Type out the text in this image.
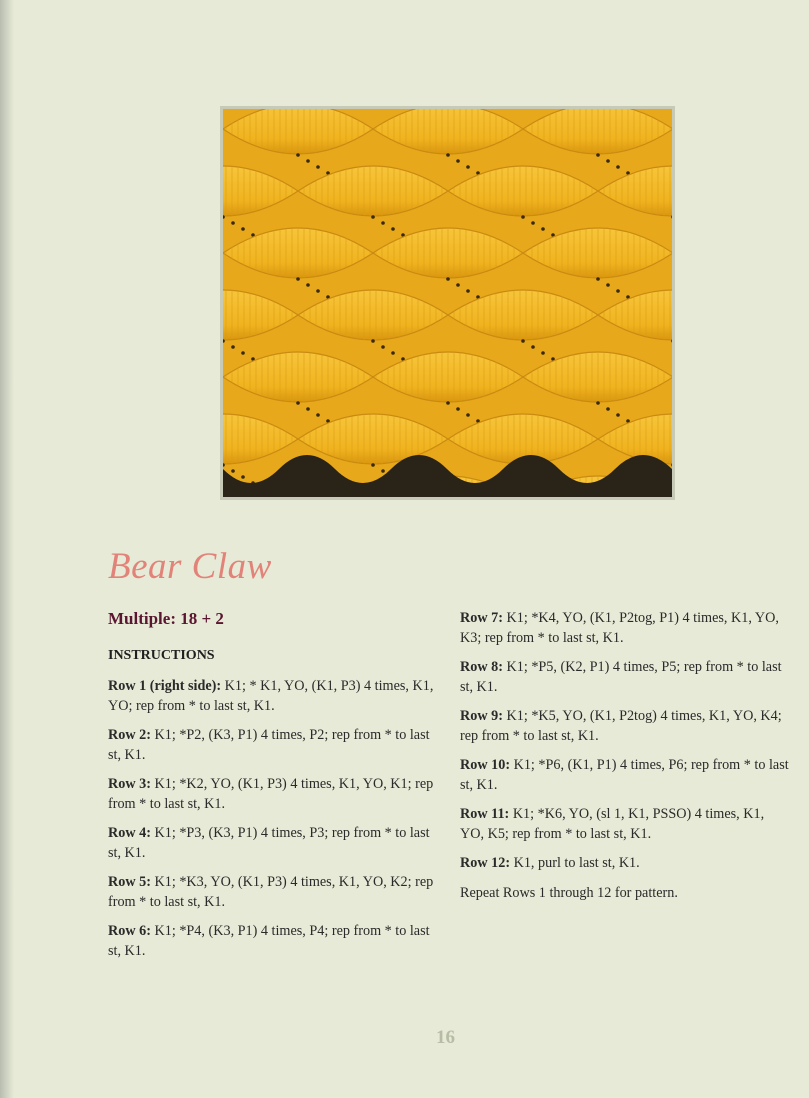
Bear Claw
Multiple: 18 + 2
INSTRUCTIONS

Row 1 (right side): K1; * K1, YO, (K1, P3) 4 times, K1, YO; rep from * to last st, K1.

Row 2: K1; *P2, (K3, P1) 4 times, P2; rep from * to last st, K1.

Row 3: K1; *K2, YO, (K1, P3) 4 times, K1, YO, K1; rep from * to last st, K1.

Row 4: K1; *P3, (K3, P1) 4 times, P3; rep from * to last st, K1.

Row 5: K1; *K3, YO, (K1, P3) 4 times, K1, YO, K2; rep from * to last st, K1.

Row 6: K1; *P4, (K3, P1) 4 times, P4; rep from * to last st, K1.

Row 7: K1; *K4, YO, (K1, P2tog, P1) 4 times, K1, YO, K3; rep from * to last st, K1.

Row 8: K1; *P5, (K2, P1) 4 times, P5; rep from * to last st, K1.

Row 9: K1; *K5, YO, (K1, P2tog) 4 times, K1, YO, K4; rep from * to last st, K1.

Row 10: K1; *P6, (K1, P1) 4 times, P6; rep from * to last st, K1.

Row 11: K1; *K6, YO, (sl 1, K1, PSSO) 4 times, K1, YO, K5; rep from * to last st, K1.

Row 12: K1, purl to last st, K1.

Repeat Rows 1 through 12 for pattern.

16
